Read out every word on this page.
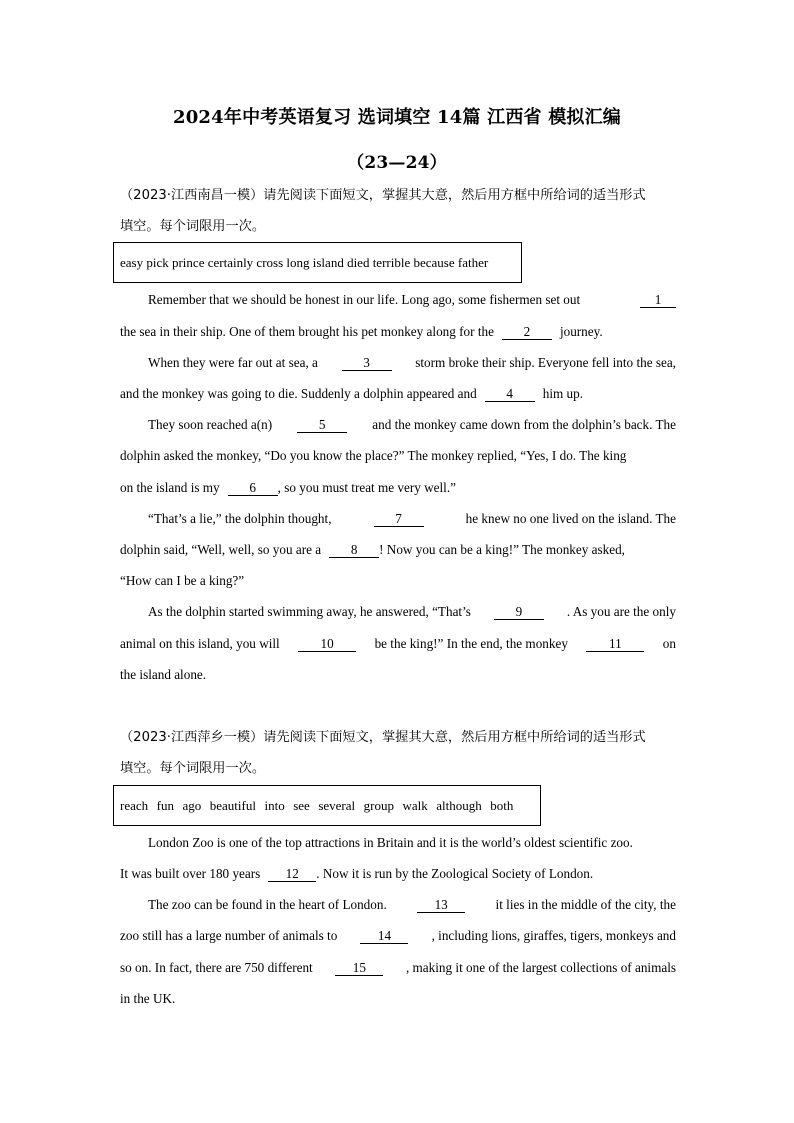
2024年中考英语复习 选词填空 14篇 江西省 模拟汇编
（23—24）
（2023·江西南昌一模）请先阅读下面短文，掌握其大意，然后用方框中所给词的适当形式
填空。每个词限用一次。
easy pick prince certainly cross long island died terrible because father
Remember that we should be honest in our life. Long ago, some fishermen set out	1
the sea in their ship. One of them brought his pet monkey along for the	2	journey.
When they were far out at sea, a	3	storm broke their ship. Everyone fell into the sea,
and the monkey was going to die. Suddenly a dolphin appeared and	4	him up.
They soon reached a(n)	5	and the monkey came down from the dolphin’s back. The
dolphin asked the monkey, “Do you know the place?” The monkey replied, “Yes, I do. The king
on the island is my	6	, so you must treat me very well.”
“That’s a lie,” the dolphin thought,	7	he knew no one lived on the island. The
dolphin said, “Well, well, so you are a	8	! Now you can be a king!” The monkey asked,
“How can I be a king?”
As the dolphin started swimming away, he answered, “That’s	9	. As you are the only
animal on this island, you will	10	be the king!” In the end, the monkey	11	on
the island alone.
（2023·江西萍乡一模）请先阅读下面短文，掌握其大意，然后用方框中所给词的适当形式
填空。每个词限用一次。
reach fun ago beautiful into see several group walk although both
London Zoo is one of the top attractions in Britain and it is the world’s oldest scientific zoo.
It was built over 180 years	12	. Now it is run by the Zoological Society of London.
The zoo can be found in the heart of London.	13	it lies in the middle of the city, the
zoo still has a large number of animals to	14	, including lions, giraffes, tigers, monkeys and
so on. In fact, there are 750 different	15	, making it one of the largest collections of animals
in the UK.
